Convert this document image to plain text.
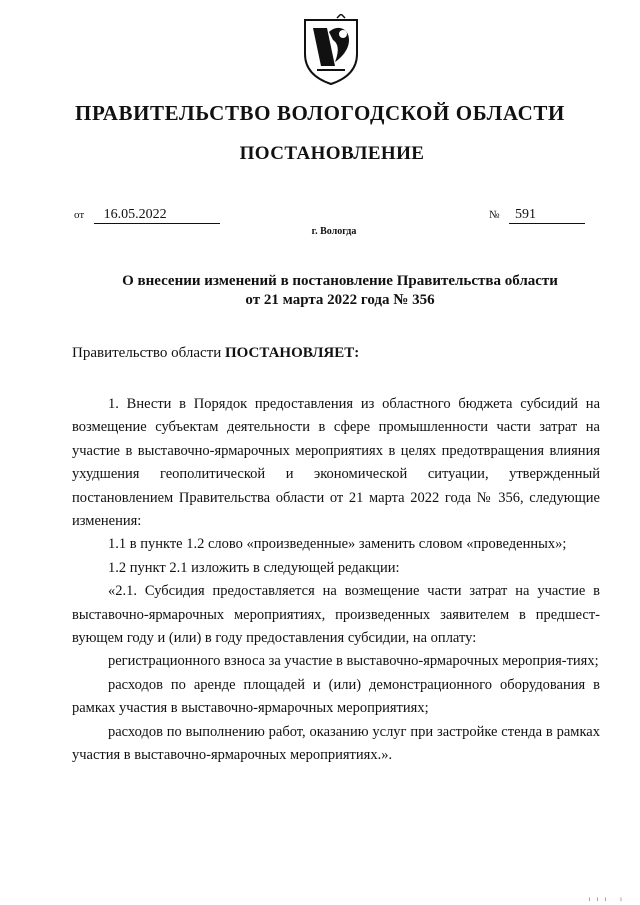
ПРАВИТЕЛЬСТВО ВОЛОГОДСКОЙ ОБЛАСТИ
ПОСТАНОВЛЕНИЕ
от 16.05.2022	№ 591
г. Вологда
О внесении изменений в постановление Правительства области
от 21 марта 2022 года № 356
Правительство области ПОСТАНОВЛЯЕТ:

1. Внести в Порядок предоставления из областного бюджета субсидий на возмещение субъектам деятельности в сфере промышленности части затрат на участие в выставочно-ярмарочных мероприятиях в целях предотвращения влияния ухудшения геополитической и экономической ситуации, утвержденный постановлением Правительства области от 21 марта 2022 года № 356, следующие изменения:

1.1 в пункте 1.2 слово «произведенные» заменить словом «проведенных»;

1.2 пункт 2.1 изложить в следующей редакции:

«2.1. Субсидия предоставляется на возмещение части затрат на участие в выставочно-ярмарочных мероприятиях, произведенных заявителем в предшест-вующем году и (или) в году предоставления субсидии, на оплату:

регистрационного взноса за участие в выставочно-ярмарочных мероприя-тиях;

расходов по аренде площадей и (или) демонстрационного оборудования в рамках участия в выставочно-ярмарочных мероприятиях;

расходов по выполнению работ, оказанию услуг при застройке стенда в рамках участия в выставочно-ярмарочных мероприятиях.».

ııı ı
